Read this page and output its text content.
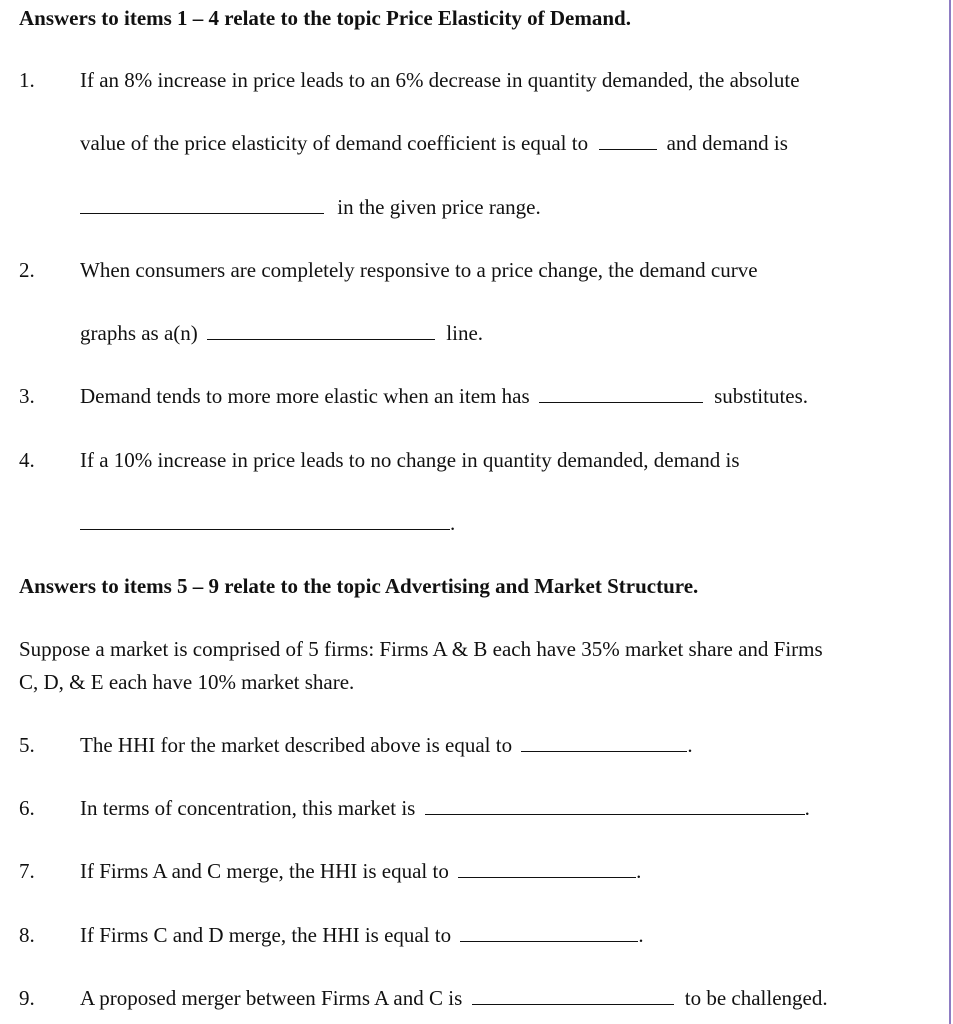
Answers to items 1 – 4 relate to the topic Price Elasticity of Demand.
1. If an 8% increase in price leads to an 6% decrease in quantity demanded, the absolute
value of the price elasticity of demand coefficient is equal to	and demand is
in the given price range.
2. When consumers are completely responsive to a price change, the demand curve
graphs as a(n)	line.
3. Demand tends to more more elastic when an item has	substitutes.
4. If a 10% increase in price leads to no change in quantity demanded, demand is
.
Answers to items 5 – 9 relate to the topic Advertising and Market Structure.
Suppose a market is comprised of 5 firms: Firms A & B each have 35% market share and Firms
C, D, & E each have 10% market share.
5. The HHI for the market described above is equal to	.
6. In terms of concentration, this market is	.
7. If Firms A and C merge, the HHI is equal to	.
8. If Firms C and D merge, the HHI is equal to	.
9. A proposed merger between Firms A and C is	to be challenged.
